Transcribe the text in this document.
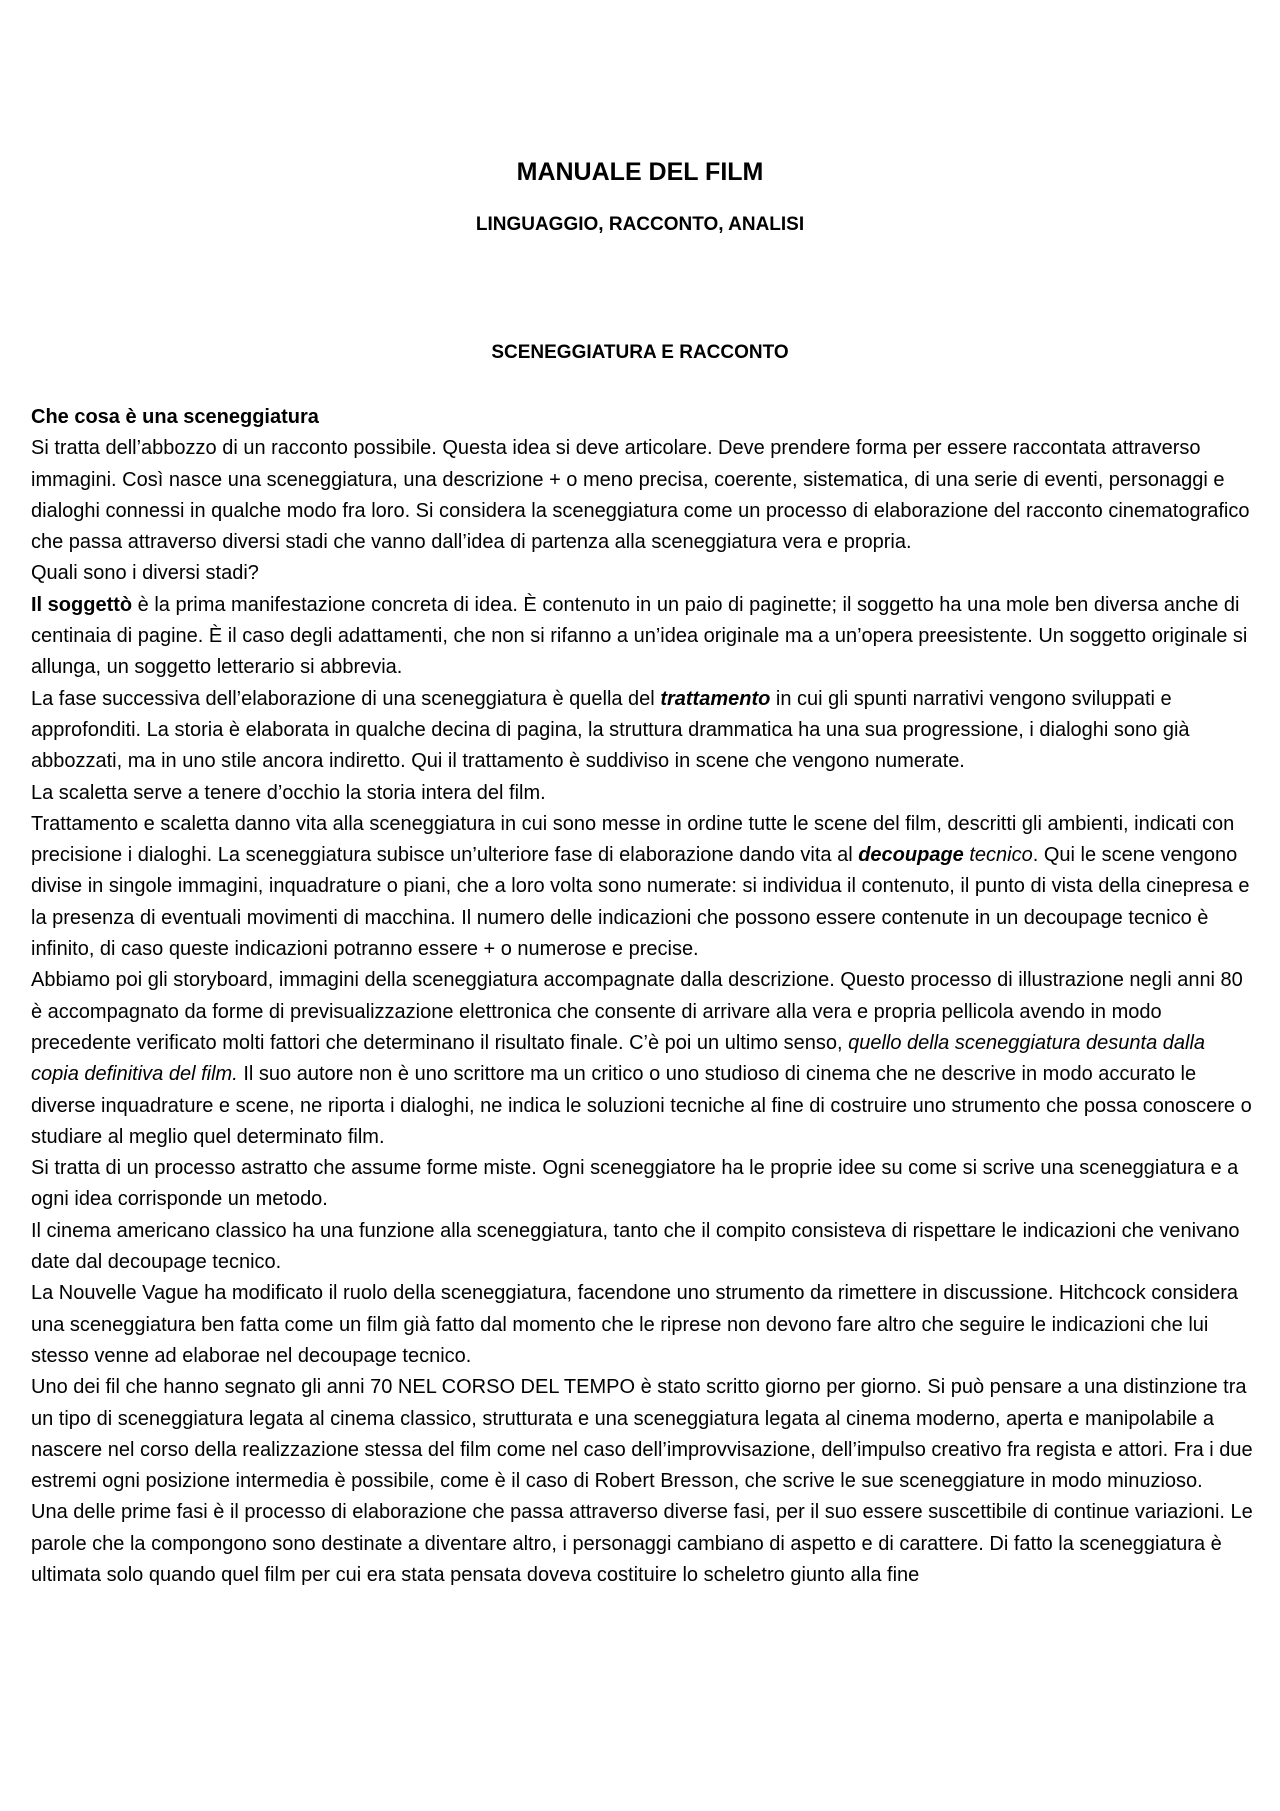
MANUALE DEL FILM
LINGUAGGIO, RACCONTO, ANALISI
SCENEGGIATURA E RACCONTO

Che cosa è una sceneggiatura

Si tratta dell’abbozzo di un racconto possibile. Questa idea si deve articolare. Deve prendere forma per essere raccontata attraverso immagini. Così nasce una sceneggiatura, una descrizione + o meno precisa, coerente, sistematica, di una serie di eventi, personaggi e dialoghi connessi in qualche modo fra loro. Si considera la sceneggiatura come un processo di elaborazione del racconto cinematografico che passa attraverso diversi stadi che vanno dall’idea di partenza alla sceneggiatura vera e propria.

Quali sono i diversi stadi?

Il soggettò è la prima manifestazione concreta di idea. È contenuto in un paio di paginette; il soggetto ha una mole ben diversa anche di centinaia di pagine. È il caso degli adattamenti, che non si rifanno a un’idea originale ma a un’opera preesistente. Un soggetto originale si allunga, un soggetto letterario si abbrevia.

La fase successiva dell’elaborazione di una sceneggiatura è quella del trattamento in cui gli spunti narrativi vengono sviluppati e approfonditi. La storia è elaborata in qualche decina di pagina, la struttura drammatica ha una sua progressione, i dialoghi sono già abbozzati, ma in uno stile ancora indiretto. Qui il trattamento è suddiviso in scene che vengono numerate.

La scaletta serve a tenere d’occhio la storia intera del film.

Trattamento e scaletta danno vita alla sceneggiatura in cui sono messe in ordine tutte le scene del film, descritti gli ambienti, indicati con precisione i dialoghi. La sceneggiatura subisce un’ulteriore fase di elaborazione dando vita al decoupage tecnico. Qui le scene vengono divise in singole immagini, inquadrature o piani, che a loro volta sono numerate: si individua il contenuto, il punto di vista della cinepresa e la presenza di eventuali movimenti di macchina. Il numero delle indicazioni che possono essere contenute in un decoupage tecnico è infinito, di caso queste indicazioni potranno essere + o numerose e precise.

Abbiamo poi gli storyboard, immagini della sceneggiatura accompagnate dalla descrizione. Questo processo di illustrazione negli anni 80 è accompagnato da forme di previsualizzazione elettronica che consente di arrivare alla vera e propria pellicola avendo in modo precedente verificato molti fattori che determinano il risultato finale. C’è poi un ultimo senso, quello della sceneggiatura desunta dalla copia definitiva del film. Il suo autore non è uno scrittore ma un critico o uno studioso di cinema che ne descrive in modo accurato le diverse inquadrature e scene, ne riporta i dialoghi, ne indica le soluzioni tecniche al fine di costruire uno strumento che possa conoscere o studiare al meglio quel determinato film.

Si tratta di un processo astratto che assume forme miste. Ogni sceneggiatore ha le proprie idee su come si scrive una sceneggiatura e a ogni idea corrisponde un metodo.

Il cinema americano classico ha una funzione alla sceneggiatura, tanto che il compito consisteva di rispettare le indicazioni che venivano date dal decoupage tecnico.

La Nouvelle Vague ha modificato il ruolo della sceneggiatura, facendone uno strumento da rimettere in discussione. Hitchcock considera una sceneggiatura ben fatta come un film già fatto dal momento che le riprese non devono fare altro che seguire le indicazioni che lui stesso venne ad elaborae nel decoupage tecnico.

Uno dei fil che hanno segnato gli anni 70 NEL CORSO DEL TEMPO è stato scritto giorno per giorno. Si può pensare a una distinzione tra un tipo di sceneggiatura legata al cinema classico, strutturata e una sceneggiatura legata al cinema moderno, aperta e manipolabile a nascere nel corso della realizzazione stessa del film come nel caso dell’improvvisazione, dell’impulso creativo fra regista e attori. Fra i due estremi ogni posizione intermedia è possibile, come è il caso di Robert Bresson, che scrive le sue sceneggiature in modo minuzioso.

Una delle prime fasi è il processo di elaborazione che passa attraverso diverse fasi, per il suo essere suscettibile di continue variazioni. Le parole che la compongono sono destinate a diventare altro, i personaggi cambiano di aspetto e di carattere. Di fatto la sceneggiatura è ultimata solo quando quel film per cui era stata pensata doveva costituire lo scheletro giunto alla fine
